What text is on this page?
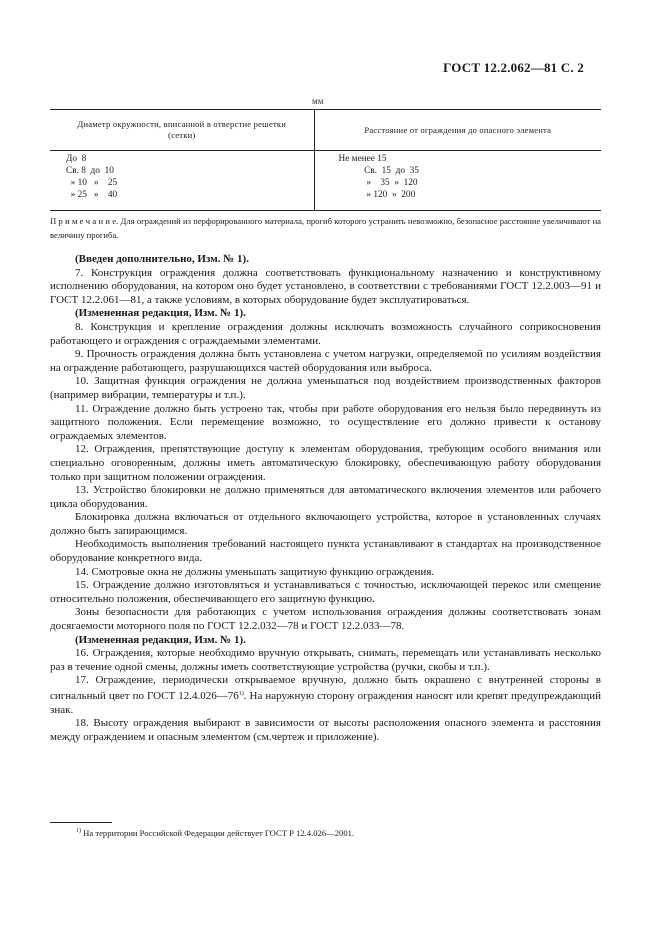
ГОСТ 12.2.062—81 С. 2
мм
Диаметр окружности, вписанной в отверстие решетки
(сетки)
Расстояние от ограждения до опасного элемента
До  8
Св. 8  до  10
» 10   »    25
» 25   »    40
Не менее 15
Св.  15  до  35
»    35  »  120
» 120  »  200
П р и м е ч а н и е. Для ограждений из перфорированного материала, прогиб которого устранить невозможно, безопасное расстояние увеличивают на величину прогиба.

(Введен дополнительно, Изм. № 1).

7. Конструкция ограждения должна соответствовать функциональному назначению и конструктивному исполнению оборудования, на котором оно будет установлено, в соответствии с требованиями ГОСТ 12.2.003—91 и ГОСТ 12.2.061—81, а также условиям, в которых оборудование будет эксплуатироваться.

(Измененная редакция, Изм. № 1).

8. Конструкция и крепление ограждения должны исключать возможность случайного соприкосновения работающего и ограждения с ограждаемыми элементами.

9. Прочность ограждения должна быть установлена с учетом нагрузки, определяемой по усилиям воздействия на ограждение работающего, разрушающихся частей оборудования или выброса.

10. Защитная функция ограждения не должна уменьшаться под воздействием производственных факторов (например вибрации, температуры и т.п.).

11. Ограждение должно быть устроено так, чтобы при работе оборудования его нельзя было передвинуть из защитного положения. Если перемещение возможно, то осуществление его должно привести к останову ограждаемых элементов.

12. Ограждения, препятствующие доступу к элементам оборудования, требующим особого внимания или специально оговоренным, должны иметь автоматическую блокировку, обеспечивающую работу оборудования только при защитном положении ограждения.

13. Устройство блокировки не должно применяться для автоматического включения элементов или рабочего цикла оборудования.

Блокировка должна включаться от отдельного включающего устройства, которое в установленных случаях должно быть запирающимся.

Необходимость выполнения требований настоящего пункта устанавливают в стандартах на производственное оборудование конкретного вида.

14. Смотровые окна не должны уменьшать защитную функцию ограждения.

15. Ограждение должно изготовляться и устанавливаться с точностью, исключающей перекос или смещение относительно положения, обеспечивающего его защитную функцию.

Зоны безопасности для работающих с учетом использования ограждения должны соответствовать зонам досягаемости моторного поля по ГОСТ 12.2.032—78 и ГОСТ 12.2.033—78.

(Измененная редакция, Изм. № 1).

16. Ограждения, которые необходимо вручную открывать, снимать, перемещать или устанавливать несколько раз в течение одной смены, должны иметь соответствующие устройства (ручки, скобы и т.п.).

17. Ограждение, периодически открываемое вручную, должно быть окрашено с внутренней стороны в сигнальный цвет по ГОСТ 12.4.026—76$^{1)}$. На наружную сторону ограждения наносят или крепят предупреждающий знак.

18. Высоту ограждения выбирают в зависимости от высоты расположения опасного элемента и расстояния между ограждением и опасным элементом (см.чертеж и приложение).

$^{1)}$ На территории Российской Федерации действует ГОСТ Р 12.4.026—2001.
